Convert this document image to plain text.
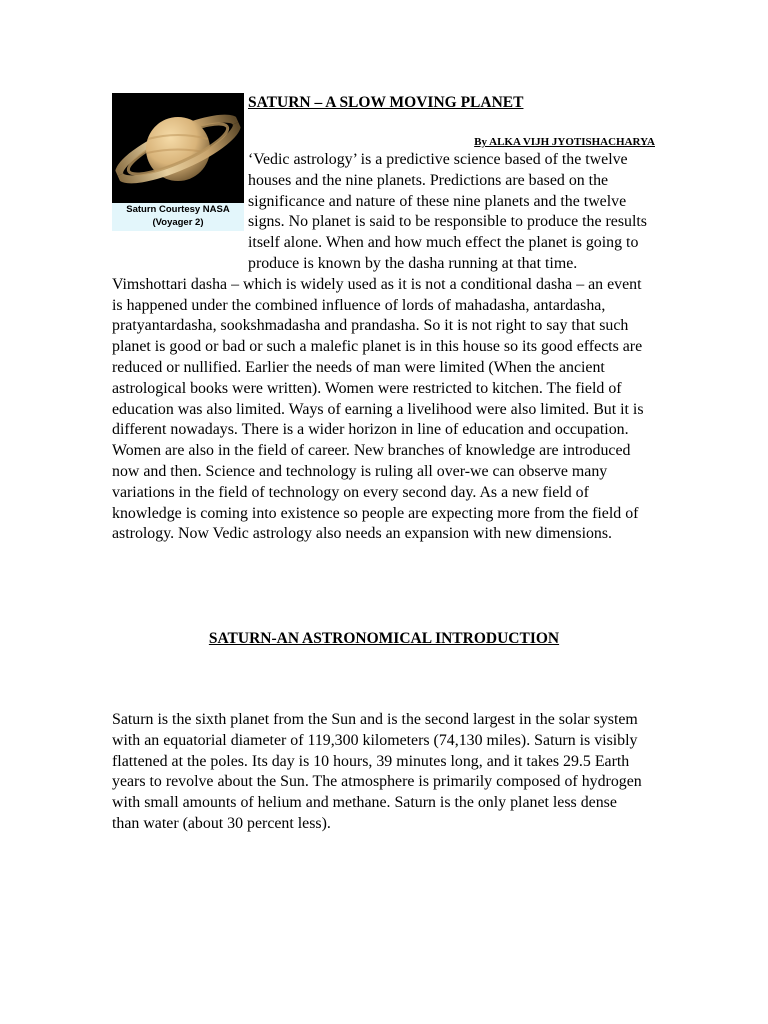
Saturn Courtesy NASA (Voyager 2)
SATURN – A SLOW MOVING PLANET
By ALKA VIJH JYOTISHACHARYA

‘Vedic astrology’ is a predictive science based of the twelve houses and the nine planets. Predictions are based on the significance and nature of these nine planets and the twelve signs. No planet is said to be responsible to produce the results itself alone. When and how much effect the planet is going to produce is known by the dasha running at that time. Vimshottari dasha – which is widely used as it is not a conditional dasha – an event is happened under the combined influence of lords of mahadasha, antardasha, pratyantardasha, sookshmadasha and prandasha. So it is not right to say that such planet is good or bad or such a malefic planet is in this house so its good effects are reduced or nullified. Earlier the needs of man were limited (When the ancient astrological books were written). Women were restricted to kitchen. The field of education was also limited. Ways of earning a livelihood were also limited. But it is different nowadays. There is a wider horizon in line of education and occupation. Women are also in the field of career. New branches of knowledge are introduced now and then. Science and technology is ruling all over-we can observe many variations in the field of technology on every second day. As a new field of knowledge is coming into existence so people are expecting more from the field of astrology. Now Vedic astrology also needs an expansion with new dimensions.

SATURN-AN ASTRONOMICAL INTRODUCTION

Saturn is the sixth planet from the Sun and is the second largest in the solar system with an equatorial diameter of 119,300 kilometers (74,130 miles). Saturn is visibly flattened at the poles. Its day is 10 hours, 39 minutes long, and it takes 29.5 Earth years to revolve about the Sun. The atmosphere is primarily composed of hydrogen with small amounts of helium and methane. Saturn is the only planet less dense than water (about 30 percent less).
